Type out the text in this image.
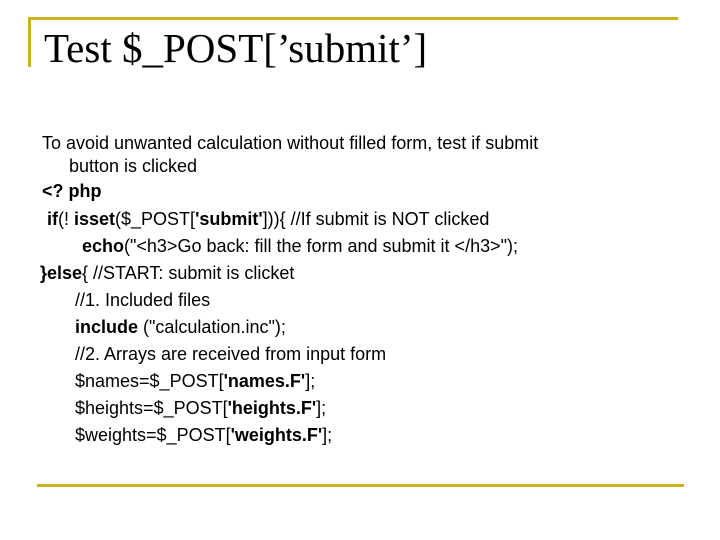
Test $_POST[’submit’]
To avoid unwanted calculation without filled form, test if submit
button is clicked
<? php
if(! isset($_POST['submit'])){ //If submit is NOT clicked
echo("<h3>Go back: fill the form and submit it </h3>");
}else{ //START: submit is clicket
//1. Included files
include ("calculation.inc");
//2. Arrays are received from input form
$names=$_POST['names.F'];
$heights=$_POST['heights.F'];
$weights=$_POST['weights.F'];
